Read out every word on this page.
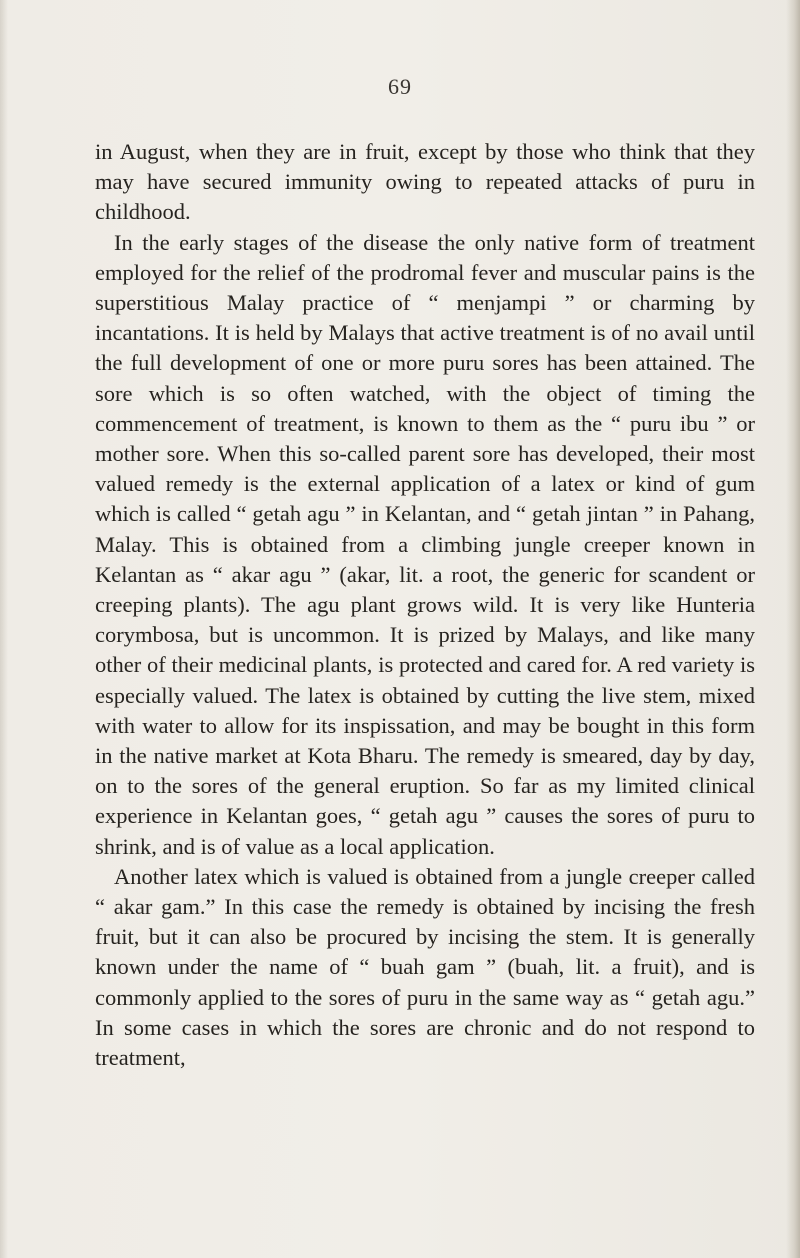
69

in August, when they are in fruit, except by those who think that they may have secured immunity owing to repeated attacks of puru in childhood.

In the early stages of the disease the only native form of treatment employed for the relief of the prodromal fever and muscular pains is the superstitious Malay practice of “ menjampi ” or charming by incantations. It is held by Malays that active treatment is of no avail until the full development of one or more puru sores has been attained. The sore which is so often watched, with the object of timing the commencement of treatment, is known to them as the “ puru ibu ” or mother sore. When this so-called parent sore has developed, their most valued remedy is the external application of a latex or kind of gum which is called “ getah agu ” in Kelantan, and “ getah jintan ” in Pahang, Malay. This is obtained from a climbing jungle creeper known in Kelantan as “ akar agu ” (akar, lit. a root, the generic for scandent or creeping plants). The agu plant grows wild. It is very like Hunteria corymbosa, but is uncommon. It is prized by Malays, and like many other of their medicinal plants, is protected and cared for. A red variety is especially valued. The latex is obtained by cutting the live stem, mixed with water to allow for its inspissation, and may be bought in this form in the native market at Kota Bharu. The remedy is smeared, day by day, on to the sores of the general eruption. So far as my limited clinical experience in Kelantan goes, “ getah agu ” causes the sores of puru to shrink, and is of value as a local application.

Another latex which is valued is obtained from a jungle creeper called “ akar gam.” In this case the remedy is obtained by incising the fresh fruit, but it can also be procured by incising the stem. It is generally known under the name of “ buah gam ” (buah, lit. a fruit), and is commonly applied to the sores of puru in the same way as “ getah agu.” In some cases in which the sores are chronic and do not respond to treatment,
